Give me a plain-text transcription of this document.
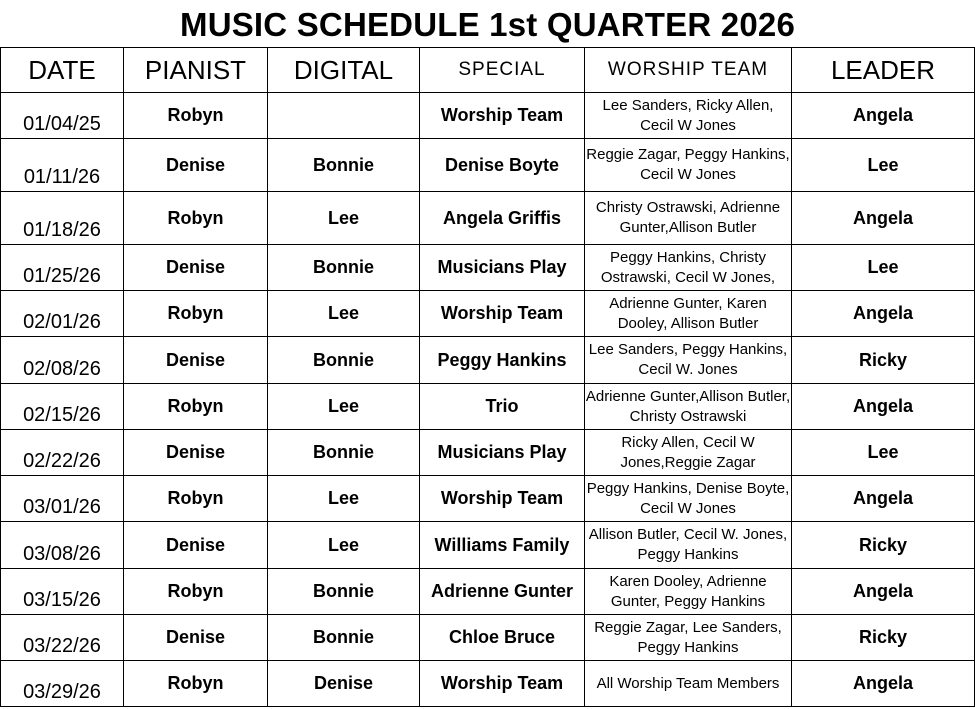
MUSIC SCHEDULE 1st QUARTER 2026
DATE	PIANIST	DIGITAL	SPECIAL	WORSHIP TEAM	LEADER
01/04/25	Robyn		Worship Team	Lee Sanders, Ricky Allen, Cecil W Jones	Angela
01/11/26	Denise	Bonnie	Denise Boyte	Reggie Zagar, Peggy Hankins, Cecil W Jones	Lee
01/18/26	Robyn	Lee	Angela Griffis	Christy Ostrawski, Adrienne Gunter,Allison Butler	Angela
01/25/26	Denise	Bonnie	Musicians Play	Peggy Hankins, Christy Ostrawski, Cecil W Jones,	Lee
02/01/26	Robyn	Lee	Worship Team	Adrienne Gunter, Karen Dooley, Allison Butler	Angela
02/08/26	Denise	Bonnie	Peggy Hankins	Lee Sanders, Peggy Hankins, Cecil W. Jones	Ricky
02/15/26	Robyn	Lee	Trio	Adrienne Gunter,Allison Butler, Christy Ostrawski	Angela
02/22/26	Denise	Bonnie	Musicians Play	Ricky Allen, Cecil W Jones,Reggie Zagar	Lee
03/01/26	Robyn	Lee	Worship Team	Peggy Hankins, Denise Boyte, Cecil W Jones	Angela
03/08/26	Denise	Lee	Williams Family	Allison Butler, Cecil W. Jones, Peggy Hankins	Ricky
03/15/26	Robyn	Bonnie	Adrienne Gunter	Karen Dooley, Adrienne Gunter, Peggy Hankins	Angela
03/22/26	Denise	Bonnie	Chloe Bruce	Reggie Zagar, Lee Sanders, Peggy Hankins	Ricky
03/29/26	Robyn	Denise	Worship Team	All Worship Team Members	Angela
